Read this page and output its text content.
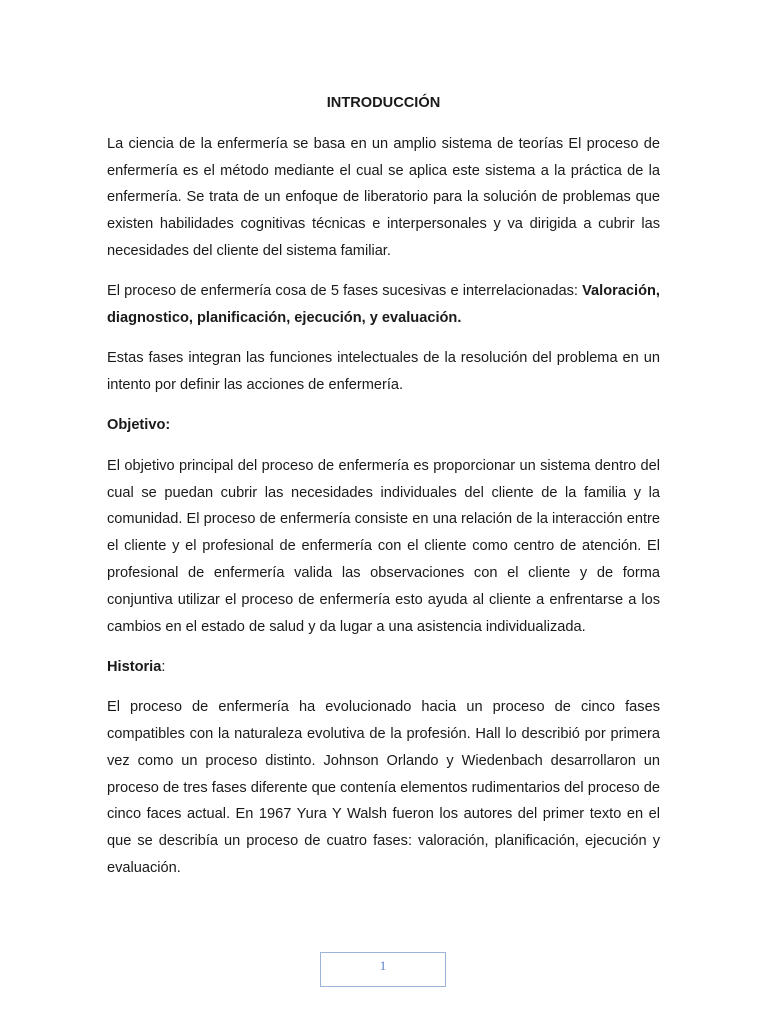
INTRODUCCIÓN

La ciencia de la enfermería se basa en un amplio sistema de teorías El proceso de enfermería es el método mediante el cual se aplica este sistema a la práctica de la enfermería. Se trata de un enfoque de liberatorio para la solución de problemas que existen habilidades cognitivas técnicas e interpersonales y va dirigida a cubrir las necesidades del cliente del sistema familiar.

El proceso de enfermería cosa de 5 fases sucesivas e interrelacionadas: Valoración, diagnostico, planificación, ejecución, y evaluación.

Estas fases integran las funciones intelectuales de la resolución del problema en un intento por definir las acciones de enfermería.

Objetivo:

El objetivo principal del proceso de enfermería es proporcionar un sistema dentro del cual se puedan cubrir las necesidades individuales del cliente de la familia y la comunidad. El proceso de enfermería consiste en una relación de la interacción entre el cliente y el profesional de enfermería con el cliente como centro de atención. El profesional de enfermería valida las observaciones con el cliente y de forma conjuntiva utilizar el proceso de enfermería esto ayuda al cliente a enfrentarse a los cambios en el estado de salud y da lugar a una asistencia individualizada.

Historia:

El proceso de enfermería ha evolucionado hacia un proceso de cinco fases compatibles con la naturaleza evolutiva de la profesión. Hall lo describió por primera vez como un proceso distinto. Johnson Orlando y Wiedenbach desarrollaron un proceso de tres fases diferente que contenía elementos rudimentarios del proceso de cinco faces actual. En 1967 Yura Y Walsh fueron los autores del primer texto en el que se describía un proceso de cuatro fases: valoración, planificación, ejecución y evaluación.

1
